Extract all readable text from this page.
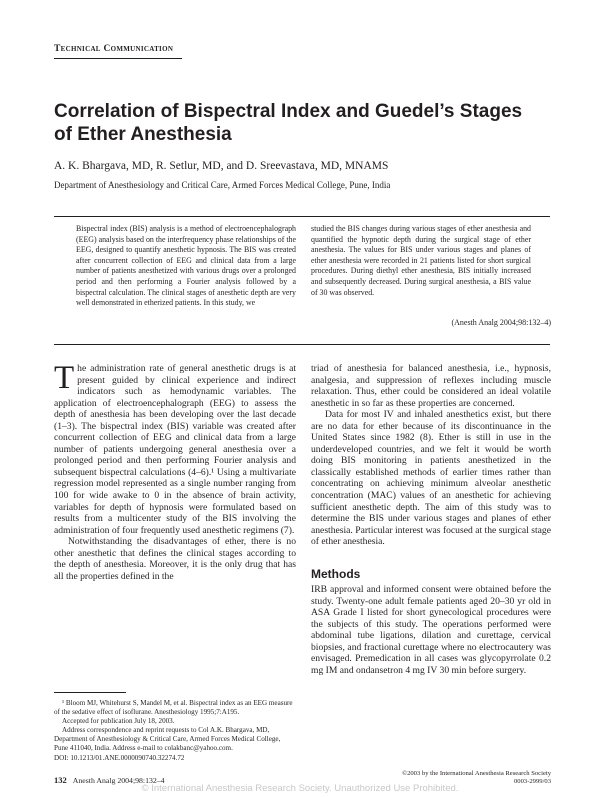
Technical Communication
Correlation of Bispectral Index and Guedel’s Stages of Ether Anesthesia
A. K. Bhargava, MD, R. Setlur, MD, and D. Sreevastava, MD, MNAMS
Department of Anesthesiology and Critical Care, Armed Forces Medical College, Pune, India
Bispectral index (BIS) analysis is a method of electroencephalograph (EEG) analysis based on the interfrequency phase relationships of the EEG, designed to quantify anesthetic hypnosis. The BIS was created after concurrent collection of EEG and clinical data from a large number of patients anesthetized with various drugs over a prolonged period and then performing a Fourier analysis followed by a bispectral calculation. The clinical stages of anesthetic depth are very well demonstrated in etherized patients. In this study, we
studied the BIS changes during various stages of ether anesthesia and quantified the hypnotic depth during the surgical stage of ether anesthesia. The values for BIS under various stages and planes of ether anesthesia were recorded in 21 patients listed for short surgical procedures. During diethyl ether anesthesia, BIS initially increased and subsequently decreased. During surgical anesthesia, a BIS value of 30 was observed.
(Anesth Analg 2004;98:132–4)

The administration rate of general anesthetic drugs is at present guided by clinical experience and indirect indicators such as hemodynamic variables. The application of electroencephalograph (EEG) to assess the depth of anesthesia has been developing over the last decade (1–3). The bispectral index (BIS) variable was created after concurrent collection of EEG and clinical data from a large number of patients undergoing general anesthesia over a prolonged period and then performing Fourier analysis and subsequent bispectral calculations (4–6).¹ Using a multivariate regression model represented as a single number ranging from 100 for wide awake to 0 in the absence of brain activity, variables for depth of hypnosis were formulated based on results from a multicenter study of the BIS involving the administration of four frequently used anesthetic regimens (7).

Notwithstanding the disadvantages of ether, there is no other anesthetic that defines the clinical stages according to the depth of anesthesia. Moreover, it is the only drug that has all the properties defined in the

triad of anesthesia for balanced anesthesia, i.e., hypnosis, analgesia, and suppression of reflexes including muscle relaxation. Thus, ether could be considered an ideal volatile anesthetic in so far as these properties are concerned.

Data for most IV and inhaled anesthetics exist, but there are no data for ether because of its discontinuance in the United States since 1982 (8). Ether is still in use in the underdeveloped countries, and we felt it would be worth doing BIS monitoring in patients anesthetized in the classically established methods of earlier times rather than concentrating on achieving minimum alveolar anesthetic concentration (MAC) values of an anesthetic for achieving sufficient anesthetic depth. The aim of this study was to determine the BIS under various stages and planes of ether anesthesia. Particular interest was focused at the surgical stage of ether anesthesia.

Methods
IRB approval and informed consent were obtained before the study. Twenty-one adult female patients aged 20–30 yr old in ASA Grade I listed for short gynecological procedures were the subjects of this study. The operations performed were abdominal tube ligations, dilation and curettage, cervical biopsies, and fractional curettage where no electrocautery was envisaged. Premedication in all cases was glycopyrrolate 0.2 mg IM and ondansetron 4 mg IV 30 min before surgery.

¹ Bloom MJ, Whitehurst S, Mandel M, et al. Bispectral index as an EEG measure of the sedative effect of isoflurane. Anesthesiology 1995;7:A195.

Accepted for publication July 18, 2003.

Address correspondence and reprint requests to Col A.K. Bhargava, MD, Department of Anesthesiology & Critical Care, Armed Forces Medical College, Pune 411040, India. Address e-mail to colakbanc@yahoo.com.

DOI: 10.1213/01.ANE.0000090740.32274.72

132 Anesth Analg 2004;98:132–4
©2003 by the International Anesthesia Research Society
0003-2999/03
© International Anesthesia Research Society. Unauthorized Use Prohibited.
